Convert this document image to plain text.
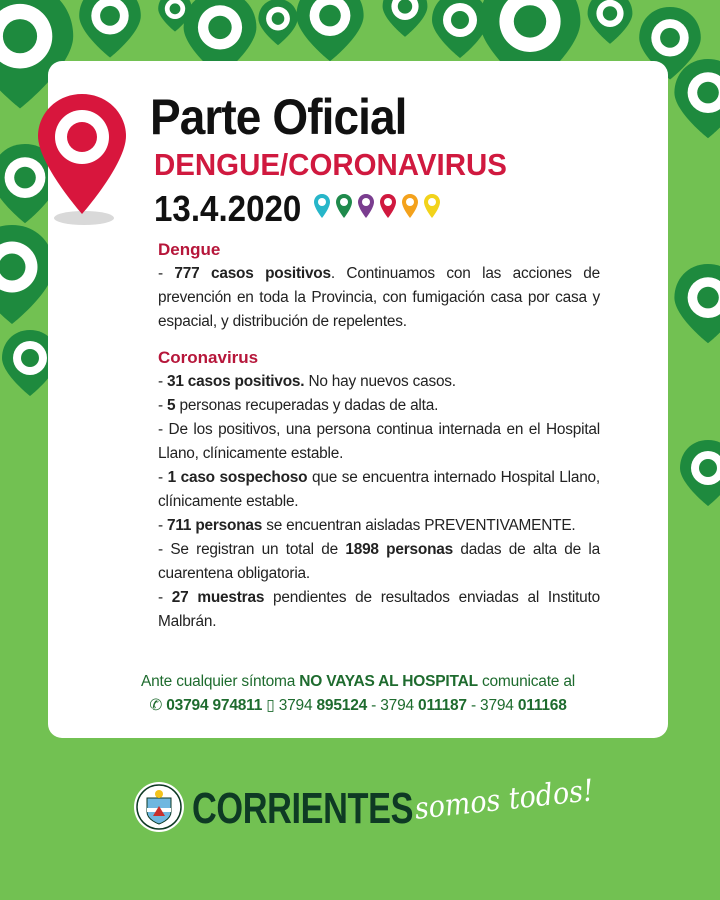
Parte Oficial
DENGUE/CORONAVIRUS
13.4.2020
Dengue

- 777 casos positivos. Continuamos con las acciones de prevención en toda la Provincia, con fumigación casa por casa y espacial, y distribución de repelentes.

Coronavirus

- 31 casos positivos. No hay nuevos casos.

- 5 personas recuperadas y dadas de alta.

- De los positivos, una persona continua internada en el Hospital Llano, clínicamente estable.

- 1 caso sospechoso que se encuentra internado Hospital Llano, clínicamente estable.

- 711 personas se encuentran aisladas PREVENTIVAMENTE.

- Se registran un total de 1898 personas dadas de alta de la cuarentena obligatoria.

- 27 muestras pendientes de resultados enviadas al Instituto Malbrán.

Ante cualquier síntoma NO VAYAS AL HOSPITAL comunicate al
✆ 03794 974811 ▯ 3794 895124 - 3794 011187 - 3794 011168
CORRIENTES somos todos!
